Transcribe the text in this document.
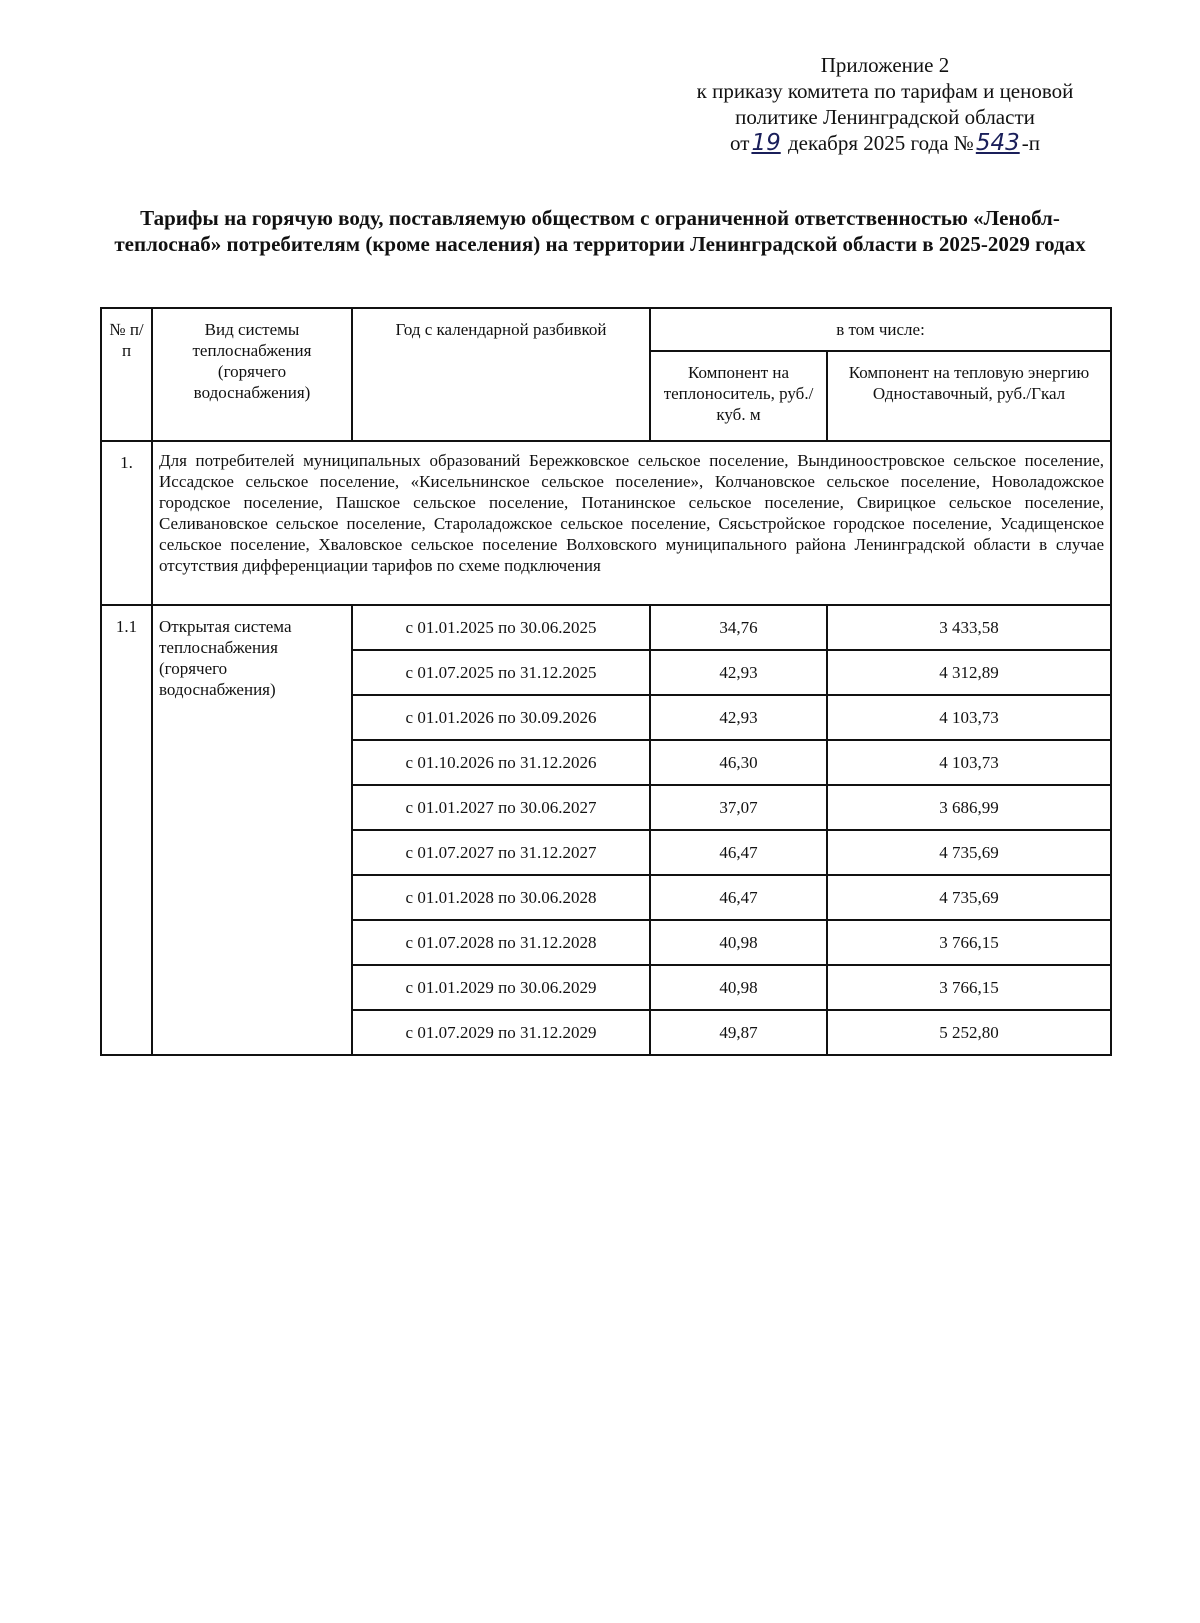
Приложение 2
к приказу комитета по тарифам и ценовой
политике Ленинградской области
от19 декабря 2025 года №543-п
Тарифы на горячую воду, поставляемую обществом с ограниченной ответственностью «Леноблтеплоснаб» потребителям (кроме населения) на территории Ленинградской области в 2025-2029 годах
№ п/п	Вид системы теплоснабжения (горячего водоснабжения)	Год с календарной разбивкой	в том числе:	
			Компонент на теплоноситель, руб./куб. м	Компонент на тепловую энергию Одноставочный, руб./Гкал
1.	Для потребителей муниципальных образований Бережковское сельское поселение, Вындиноостровское сельское поселение, Иссадское сельское поселение, «Кисельнинское сельское поселение», Колчановское сельское поселение, Новоладожское городское поселение, Пашское сельское поселение, Потанинское сельское поселение, Свирицкое сельское поселение, Селивановское сельское поселение, Староладожское сельское поселение, Сясьстройское городское поселение, Усадищенское сельское поселение, Хваловское сельское поселение Волховского муниципального района Ленинградской области в случае отсутствия дифференциации тарифов по схеме подключения			
1.1	Открытая система теплоснабжения (горячего водоснабжения)	с 01.01.2025 по 30.06.2025	34,76	3 433,58
		с 01.07.2025 по 31.12.2025	42,93	4 312,89
		с 01.01.2026 по 30.09.2026	42,93	4 103,73
		с 01.10.2026 по 31.12.2026	46,30	4 103,73
		с 01.01.2027 по 30.06.2027	37,07	3 686,99
		с 01.07.2027 по 31.12.2027	46,47	4 735,69
		с 01.01.2028 по 30.06.2028	46,47	4 735,69
		с 01.07.2028 по 31.12.2028	40,98	3 766,15
		с 01.01.2029 по 30.06.2029	40,98	3 766,15
		с 01.07.2029 по 31.12.2029	49,87	5 252,80
